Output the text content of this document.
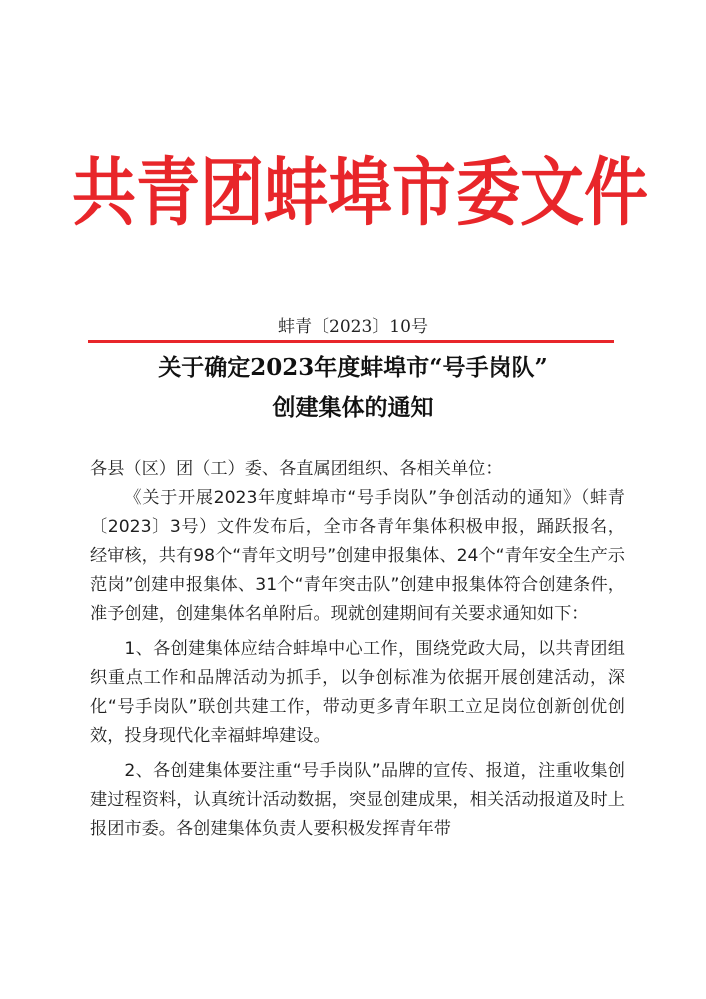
共青团蚌埠市委文件
蚌青〔2023〕10号
关于确定2023年度蚌埠市“号手岗队”
创建集体的通知

各县（区）团（工）委、各直属团组织、各相关单位：

《关于开展2023年度蚌埠市“号手岗队”争创活动的通知》（蚌青〔2023〕3号）文件发布后，全市各青年集体积极申报，踊跃报名，经审核，共有98个“青年文明号”创建申报集体、24个“青年安全生产示范岗”创建申报集体、31个“青年突击队”创建申报集体符合创建条件，准予创建，创建集体名单附后。现就创建期间有关要求通知如下：

1、各创建集体应结合蚌埠中心工作，围绕党政大局，以共青团组织重点工作和品牌活动为抓手，以争创标准为依据开展创建活动，深化“号手岗队”联创共建工作，带动更多青年职工立足岗位创新创优创效，投身现代化幸福蚌埠建设。

2、各创建集体要注重“号手岗队”品牌的宣传、报道，注重收集创建过程资料，认真统计活动数据，突显创建成果，相关活动报道及时上报团市委。各创建集体负责人要积极发挥青年带
